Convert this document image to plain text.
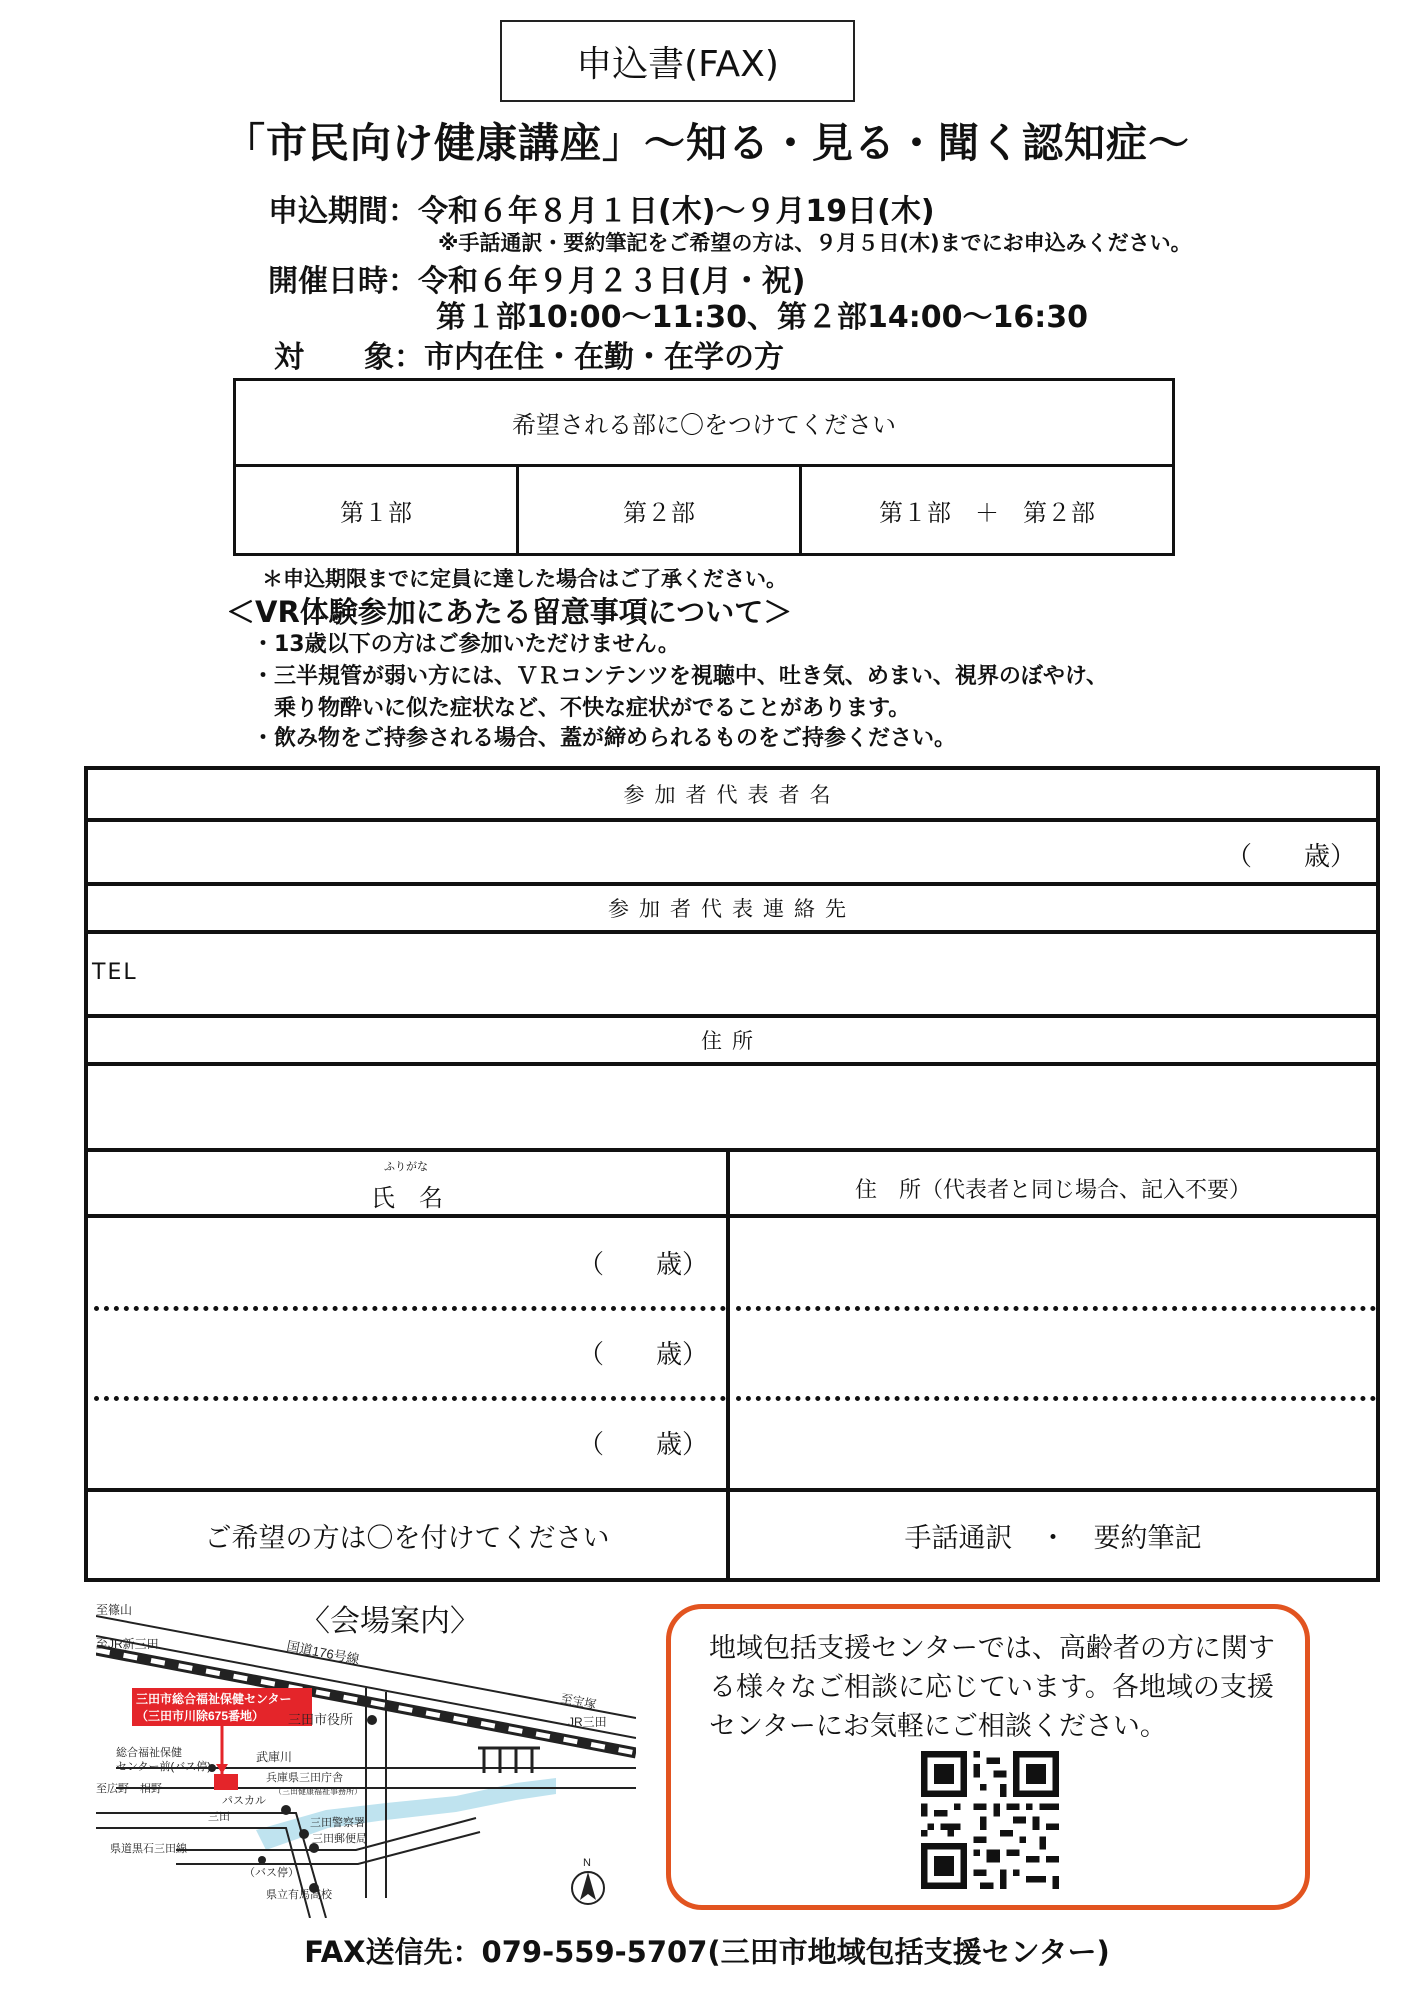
申込書(FAX)
「市民向け健康講座」〜知る・見る・聞く認知症〜
申込期間：令和６年８月１日(木)〜９月19日(木)
※手話通訳・要約筆記をご希望の方は、９月５日(木)までにお申込みください。
開催日時：令和６年９月２３日(月・祝)
第１部10:00〜11:30、第２部14:00〜16:30
対　　象：市内在住・在勤・在学の方
希望される部に〇をつけてください
第１部	第２部	第１部　＋　第２部
＊申込期限までに定員に達した場合はご了承ください。
＜VR体験参加にあたる留意事項について＞
・13歳以下の方はご参加いただけません。
・三半規管が弱い方には、ＶＲコンテンツを視聴中、吐き気、めまい、視界のぼやけ、
　乗り物酔いに似た症状など、不快な症状がでることがあります。
・飲み物をご持参される場合、蓋が締められるものをご持参ください。
参加者代表者名
（　　歳）
参加者代表連絡先
TEL
住所
ふりがな
氏　名	住　所（代表者と同じ場合、記入不要）
（　　歳）
（　　歳）
（　　歳）
ご希望の方は〇を付けてください	手話通訳　・　要約筆記
〈会場案内〉
三田市総合福祉保健センター
（三田市川除675番地）
至篠山
至JR新三田	国道176号線
至宝塚
JR三田
三田市役所
総合福祉保健
センター前(バス停)
武庫川
兵庫県三田庁舎
（三田健康福祉事務所）
至広野・相野
パスカル
三田	三田警察署
三田郵便局
県道黒石三田線
（バス停）
県立有馬高校
N
地域包括支援センターでは、高齢者の方に関する様々なご相談に応じています。各地域の支援センターにお気軽にご相談ください。
FAX送信先：079-559-5707(三田市地域包括支援センター)
